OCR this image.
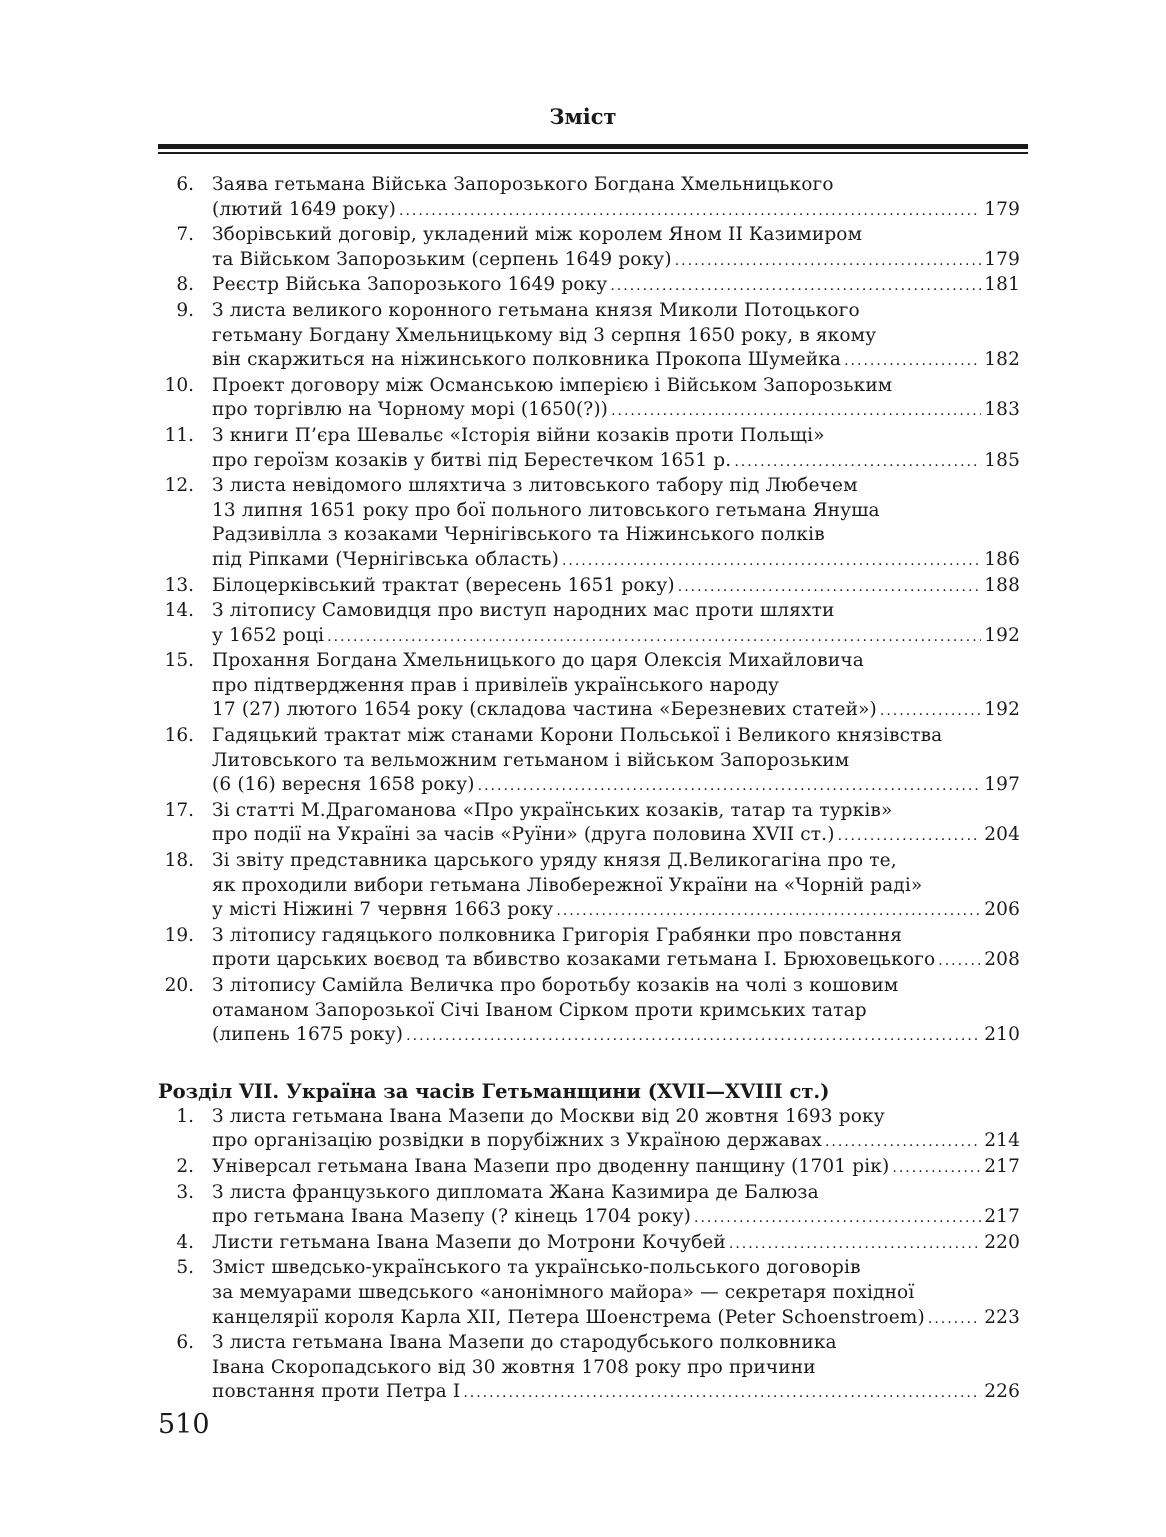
Зміст
6. Заява гетьмана Війська Запорозького Богдана Хмельницького
(лютий 1649 року) .....	179
7. Зборівський договір, укладений між королем Яном II Казимиром
та Військом Запорозьким (серпень 1649 року) .....	179
8. Реєстр Війська Запорозького 1649 року .....	181
9. З листа великого коронного гетьмана князя Миколи Потоцького
гетьману Богдану Хмельницькому від 3 серпня 1650 року, в якому
він скаржиться на ніжинського полковника Прокопа Шумейка .....	182
10. Проект договору між Османською імперією і Військом Запорозьким
про торгівлю на Чорному морі (1650(?)) .....	183
11. З книги П’єра Шевальє «Історія війни козаків проти Польщі»
про героїзм козаків у битві під Берестечком 1651 р. .....	185
12. З листа невідомого шляхтича з литовського табору під Любечем
13 липня 1651 року про бої польного литовського гетьмана Януша
Радзивілла з козаками Чернігівського та Ніжинського полків
під Ріпками (Чернігівська область) .....	186
13. Білоцерківський трактат (вересень 1651 року) .....	188
14. З літопису Самовидця про виступ народних мас проти шляхти
у 1652 році .....	192
15. Прохання Богдана Хмельницького до царя Олексія Михайловича
про підтвердження прав і привілеїв українського народу
17 (27) лютого 1654 року (складова частина «Березневих статей») .....	192
16. Гадяцький трактат між станами Корони Польської і Великого князівства
Литовського та вельможним гетьманом і військом Запорозьким
(6 (16) вересня 1658 року) .....	197
17. Зі статті М.Драгоманова «Про українських козаків, татар та турків»
про події на Україні за часів «Руїни» (друга половина XVII ст.) .....	204
18. Зі звіту представника царського уряду князя Д.Великогагіна про те,
як проходили вибори гетьмана Лівобережної України на «Чорній раді»
у місті Ніжині 7 червня 1663 року .....	206
19. З літопису гадяцького полковника Григорія Грабянки про повстання
проти царських воєвод та вбивство козаками гетьмана І. Брюховецького .....	208
20. З літопису Самійла Величка про боротьбу козаків на чолі з кошовим
отаманом Запорозької Січі Іваном Сірком проти кримських татар
(липень 1675 року) .....	210
Розділ VII. Україна за часів Гетьманщини (XVII—XVIII ст.)
1. З листа гетьмана Івана Мазепи до Москви від 20 жовтня 1693 року
про організацію розвідки в порубіжних з Україною державах .....	214
2. Універсал гетьмана Івана Мазепи про дводенну панщину (1701 рік) .....	217
3. З листа французького дипломата Жана Казимира де Балюза
про гетьмана Івана Мазепу (? кінець 1704 року) .....	217
4. Листи гетьмана Івана Мазепи до Мотрони Кочубей .....	220
5. Зміст шведсько-українського та українсько-польського договорів
за мемуарами шведського «анонімного майора» — секретаря похідної
канцелярії короля Карла XII, Петера Шоенстрема (Peter Schoenstroem) .....	223
6. З листа гетьмана Івана Мазепи до стародубського полковника
Івана Скоропадського від 30 жовтня 1708 року про причини
повстання проти Петра І .....	226
510
